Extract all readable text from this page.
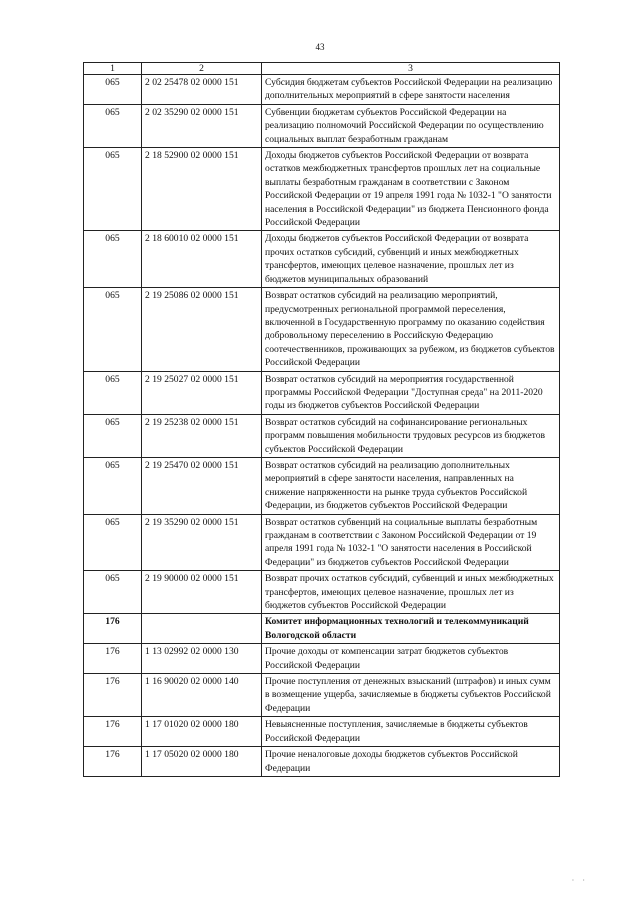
43
1	2	3
065	2 02 25478 02 0000 151	Субсидия бюджетам субъектов Российской Федерации на реализацию дополнительных мероприятий в сфере занятости населения
065	2 02 35290 02 0000 151	Субвенции бюджетам субъектов Российской Федерации на реализацию полномочий Российской Федерации по осуществлению социальных выплат безработным гражданам
065	2 18 52900 02 0000 151	Доходы бюджетов субъектов Российской Федерации от возврата остатков межбюджетных трансфертов прошлых лет на социальные выплаты безработным гражданам в соответствии с Законом Российской Федерации от 19 апреля 1991 года № 1032-1 "О занятости населения в Российской Федерации" из бюджета Пенсионного фонда Российской Федерации
065	2 18 60010 02 0000 151	Доходы бюджетов субъектов Российской Федерации от возврата прочих остатков субсидий, субвенций и иных межбюджетных трансфертов, имеющих целевое назначение, прошлых лет из бюджетов муниципальных образований
065	2 19 25086 02 0000 151	Возврат остатков субсидий на реализацию мероприятий, предусмотренных региональной программой переселения, включенной в Государственную программу по оказанию содействия добровольному переселению в Российскую Федерацию соотечественников, проживающих за рубежом, из бюджетов субъектов Российской Федерации
065	2 19 25027 02 0000 151	Возврат остатков субсидий на мероприятия государственной программы Российской Федерации "Доступная среда" на 2011-2020 годы из бюджетов субъектов Российской Федерации
065	2 19 25238 02 0000 151	Возврат остатков субсидий на софинансирование региональных программ повышения мобильности трудовых ресурсов из бюджетов субъектов Российской Федерации
065	2 19 25470 02 0000 151	Возврат остатков субсидий на реализацию дополнительных мероприятий в сфере занятости населения, направленных на снижение напряженности на рынке труда субъектов Российской Федерации, из бюджетов субъектов Российской Федерации
065	2 19 35290 02 0000 151	Возврат остатков субвенций на социальные выплаты безработным гражданам в соответствии с Законом Российской Федерации от 19 апреля 1991 года № 1032-1 "О занятости населения в Российской Федерации" из бюджетов субъектов Российской Федерации
065	2 19 90000 02 0000 151	Возврат прочих остатков субсидий, субвенций и иных межбюджетных трансфертов, имеющих целевое назначение, прошлых лет из бюджетов субъектов Российской Федерации
176		Комитет информационных технологий и телекоммуникаций Вологодской области
176	1 13 02992 02 0000 130	Прочие доходы от компенсации затрат бюджетов субъектов Российской Федерации
176	1 16 90020 02 0000 140	Прочие поступления от денежных взысканий (штрафов) и иных сумм в возмещение ущерба, зачисляемые в бюджеты субъектов Российской Федерации
176	1 17 01020 02 0000 180	Невыясненные поступления, зачисляемые в бюджеты субъектов Российской Федерации
176	1 17 05020 02 0000 180	Прочие неналоговые доходы бюджетов субъектов Российской Федерации
· ·
